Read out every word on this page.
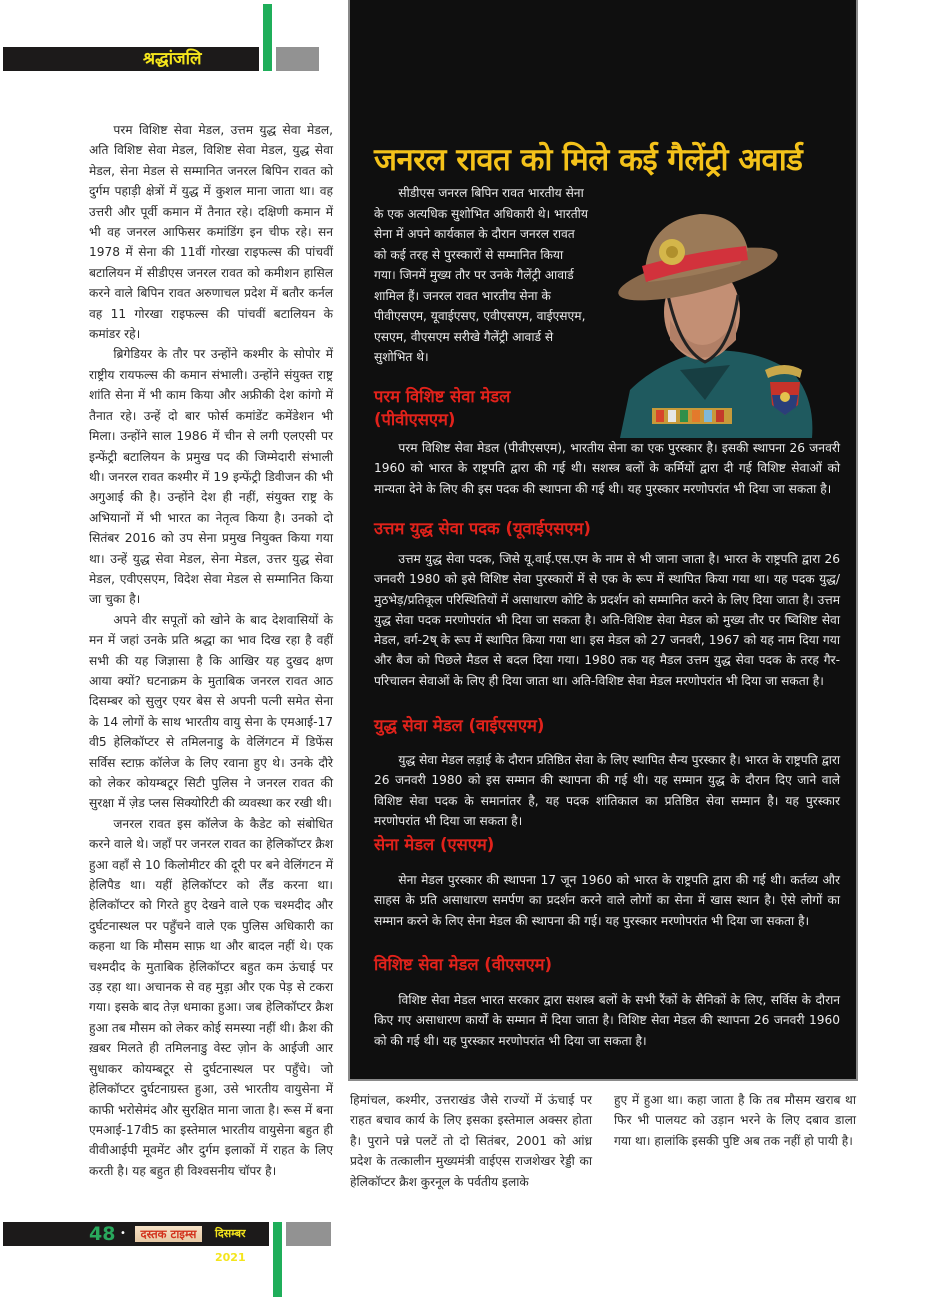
श्रद्धांजलि

परम विशिष्ट सेवा मेडल, उत्तम युद्ध सेवा मेडल, अति विशिष्ट सेवा मेडल, विशिष्ट सेवा मेडल, युद्ध सेवा मेडल, सेना मेडल से सम्मानित जनरल बिपिन रावत को दुर्गम पहाड़ी क्षेत्रों में युद्ध में कुशल माना जाता था। वह उत्तरी और पूर्वी कमान में तैनात रहे। दक्षिणी कमान में भी वह जनरल आफिसर कमांडिंग इन चीफ रहे। सन 1978 में सेना की 11वीं गोरखा राइफल्स की पांचवीं बटालियन में सीडीएस जनरल रावत को कमीशन हासिल करने वाले बिपिन रावत अरुणाचल प्रदेश में बतौर कर्नल वह 11 गोरखा राइफल्स की पांचवीं बटालियन के कमांडर रहे।

ब्रिगेडियर के तौर पर उन्होंने कश्मीर के सोपोर में राष्ट्रीय रायफल्स की कमान संभाली। उन्होंने संयुक्त राष्ट्र शांति सेना में भी काम किया और अफ्रीकी देश कांगो में तैनात रहे। उन्हें दो बार फोर्स कमांडेंट कमेंडेशन भी मिला। उन्होंने साल 1986 में चीन से लगी एलएसी पर इन्फेंट्री बटालियन के प्रमुख पद की जिम्मेदारी संभाली थी। जनरल रावत कश्मीर में 19 इन्फेंट्री डिवीजन की भी अगुआई की है। उन्होंने देश ही नहीं, संयुक्त राष्ट्र के अभियानों में भी भारत का नेतृत्व किया है। उनको दो सितंबर 2016 को उप सेना प्रमुख नियुक्त किया गया था। उन्हें युद्ध सेवा मेडल, सेना मेडल, उत्तर युद्ध सेवा मेडल, एवीएसएम, विदेश सेवा मेडल से सम्मानित किया जा चुका है।

अपने वीर सपूतों को खोने के बाद देशवासियों के मन में जहां उनके प्रति श्रद्धा का भाव दिख रहा है वहीं सभी की यह जिज्ञासा है कि आखिर यह दुखद क्षण आया क्यों? घटनाक्रम के मुताबिक जनरल रावत आठ दिसम्बर को सुलुर एयर बेस से अपनी पत्नी समेत सेना के 14 लोगों के साथ भारतीय वायु सेना के एमआई-17 वी5 हेलिकॉप्टर से तमिलनाडु के वेलिंगटन में डिफेंस सर्विस स्टाफ़ कॉलेज के लिए रवाना हुए थे। उनके दौरे को लेकर कोयम्बटूर सिटी पुलिस ने जनरल रावत की सुरक्षा में ज़ेड प्लस सिक्योरिटी की व्यवस्था कर रखी थी।

जनरल रावत इस कॉलेज के कैडेट को संबोधित करने वाले थे। जहाँ पर जनरल रावत का हेलिकॉप्टर क्रैश हुआ वहाँ से 10 किलोमीटर की दूरी पर बने वेलिंगटन में हेलिपैड था। यहीं हेलिकॉप्टर को लैंड करना था। हेलिकॉप्टर को गिरते हुए देखने वाले एक चश्मदीद और दुर्घटनास्थल पर पहुँचने वाले एक पुलिस अधिकारी का कहना था कि मौसम साफ़ था और बादल नहीं थे। एक चश्मदीद के मुताबिक हेलिकॉप्टर बहुत कम ऊंचाई पर उड़ रहा था। अचानक से वह मुड़ा और एक पेड़ से टकरा गया। इसके बाद तेज़ धमाका हुआ। जब हेलिकॉप्टर क्रैश हुआ तब मौसम को लेकर कोई समस्या नहीं थी। क्रैश की ख़बर मिलते ही तमिलनाडु वेस्ट ज़ोन के आईजी आर सुधाकर कोयम्बटूर से दुर्घटनास्थल पर पहुँचे। जो हेलिकॉप्टर दुर्घटनाग्रस्त हुआ, उसे भारतीय वायुसेना में काफी भरोसेमंद और सुरक्षित माना जाता है। रूस में बना एमआई-17वी5 का इस्तेमाल भारतीय वायुसेना बहुत ही वीवीआईपी मूवमेंट और दुर्गम इलाकों में राहत के लिए करती है। यह बहुत ही विश्वसनीय चॉपर है।

जनरल रावत को मिले कई गैलेंट्री अवार्ड

सीडीएस जनरल बिपिन रावत भारतीय सेना के एक अत्यधिक सुशोभित अधिकारी थे। भारतीय सेना में अपने कार्यकाल के दौरान जनरल रावत को कई तरह से पुरस्कारों से सम्मानित किया गया। जिनमें मुख्य तौर पर उनके गैलेंट्री आवार्ड शामिल हैं। जनरल रावत भारतीय सेना के पीवीएसएम, यूवाईएसए, एवीएसएम, वाईएसएम, एसएम, वीएसएम सरीखे गैलेंट्री आवार्ड से सुशोभित थे।

परम विशिष्ट सेवा मेडल (पीवीएसएम)

परम विशिष्ट सेवा मेडल (पीवीएसएम), भारतीय सेना का एक पुरस्कार है। इसकी स्थापना 26 जनवरी 1960 को भारत के राष्ट्रपति द्वारा की गई थी। सशस्त्र बलों के कर्मियों द्वारा दी गई विशिष्ट सेवाओं को मान्यता देने के लिए की इस पदक की स्थापना की गई थी। यह पुरस्कार मरणोपरांत भी दिया जा सकता है।

उत्तम युद्ध सेवा पदक (यूवाईएसएम)

उत्तम युद्ध सेवा पदक, जिसे यू.वाई.एस.एम के नाम से भी जाना जाता है। भारत के राष्ट्रपति द्वारा 26 जनवरी 1980 को इसे विशिष्ट सेवा पुरस्कारों में से एक के रूप में स्थापित किया गया था। यह पदक युद्ध/मुठभेड़/प्रतिकूल परिस्थितियों में असाधारण कोटि के प्रदर्शन को सम्मानित करने के लिए दिया जाता है। उत्तम युद्ध सेवा पदक मरणोपरांत भी दिया जा सकता है। अति-विशिष्ट सेवा मेडल को मुख्य तौर पर ष्विशिष्ट सेवा मेडल, वर्ग-2ष् के रूप में स्थापित किया गया था। इस मेडल को 27 जनवरी, 1967 को यह नाम दिया गया और बैज को पिछले मैडल से बदल दिया गया। 1980 तक यह मैडल उत्तम युद्ध सेवा पदक के तरह गैर-परिचालन सेवाओं के लिए ही दिया जाता था। अति-विशिष्ट सेवा मेडल मरणोपरांत भी दिया जा सकता है।

युद्ध सेवा मेडल (वाईएसएम)

युद्ध सेवा मेडल लड़ाई के दौरान प्रतिष्ठित सेवा के लिए स्थापित सैन्य पुरस्कार है। भारत के राष्ट्रपति द्वारा 26 जनवरी 1980 को इस सम्मान की स्थापना की गई थी। यह सम्मान युद्ध के दौरान दिए जाने वाले विशिष्ट सेवा पदक के समानांतर है, यह पदक शांतिकाल का प्रतिष्ठित सेवा सम्मान है। यह पुरस्कार मरणोपरांत भी दिया जा सकता है।

सेना मेडल (एसएम)

सेना मेडल पुरस्कार की स्थापना 17 जून 1960 को भारत के राष्ट्रपति द्वारा की गई थी। कर्तव्य और साहस के प्रति असाधारण समर्पण का प्रदर्शन करने वाले लोगों का सेना में खास स्थान है। ऐसे लोगों का सम्मान करने के लिए सेना मेडल की स्थापना की गई। यह पुरस्कार मरणोपरांत भी दिया जा सकता है।

विशिष्ट सेवा मेडल (वीएसएम)

विशिष्ट सेवा मेडल भारत सरकार द्वारा सशस्त्र बलों के सभी रैंकों के सैनिकों के लिए, सर्विस के दौरान किए गए असाधारण कार्यों के सम्मान में दिया जाता है। विशिष्ट सेवा मेडल की स्थापना 26 जनवरी 1960 को की गई थी। यह पुरस्कार मरणोपरांत भी दिया जा सकता है।

हिमांचल, कश्मीर, उत्तराखंड जैसे राज्यों में ऊंचाई पर राहत बचाव कार्य के लिए इसका इस्तेमाल अक्सर होता है। पुराने पन्ने पलटें तो दो सितंबर, 2001 को आंध्र प्रदेश के तत्कालीन मुख्यमंत्री वाईएस राजशेखर रेड्डी का हेलिकॉप्टर क्रैश कुरनूल के पर्वतीय इलाके

हुए में हुआ था। कहा जाता है कि तब मौसम खराब था फिर भी पालयट को उड़ान भरने के लिए दबाव डाला गया था। हालांकि इसकी पुष्टि अब तक नहीं हो पायी है।

48 •	दस्तक टाइम्स	दिसम्बर 2021
